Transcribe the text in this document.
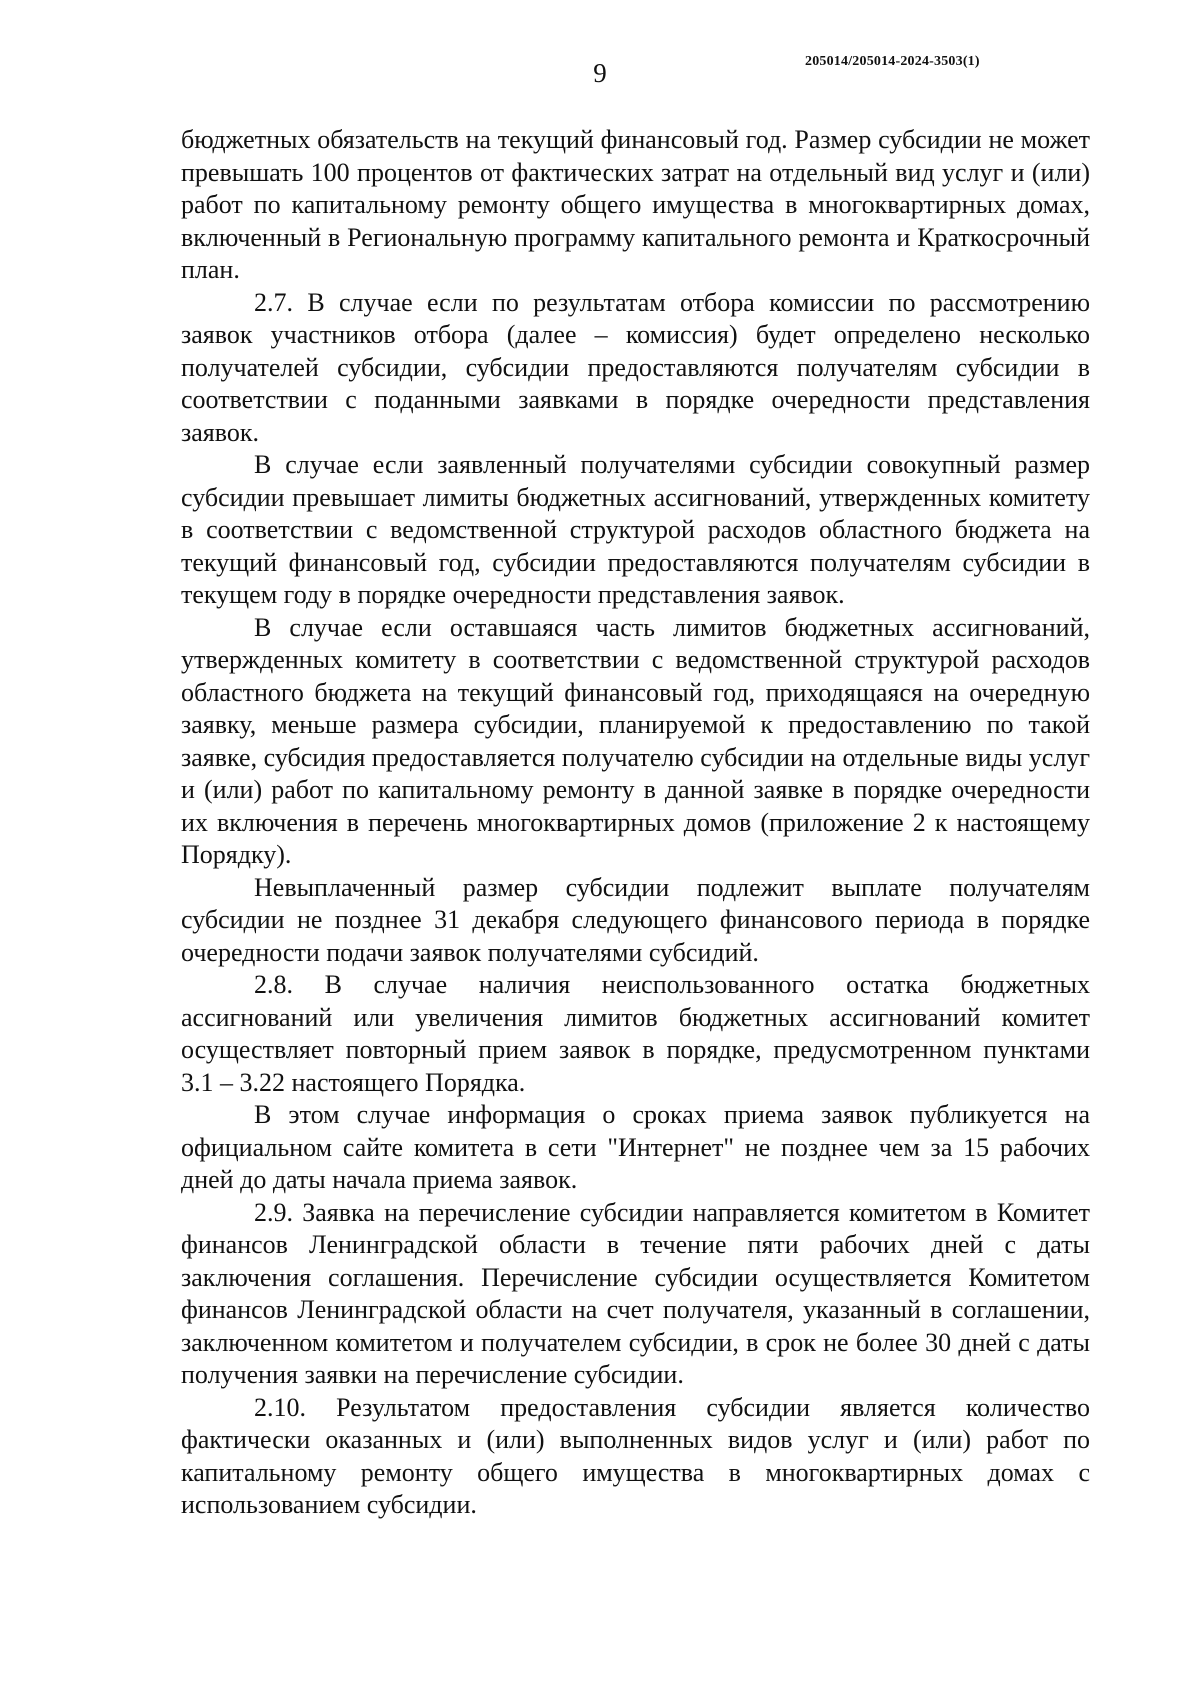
9	205014/205014-2024-3503(1)

бюджетных обязательств на текущий финансовый год. Размер субсидии не может превышать 100 процентов от фактических затрат на отдельный вид услуг и (или) работ по капитальному ремонту общего имущества в многоквартирных домах, включенный в Региональную программу капитального ремонта и Краткосрочный план.

2.7. В случае если по результатам отбора комиссии по рассмотрению заявок участников отбора (далее – комиссия) будет определено несколько получателей субсидии, субсидии предоставляются получателям субсидии в соответствии с поданными заявками в порядке очередности представления заявок.

В случае если заявленный получателями субсидии совокупный размер субсидии превышает лимиты бюджетных ассигнований, утвержденных комитету в соответствии с ведомственной структурой расходов областного бюджета на текущий финансовый год, субсидии предоставляются получателям субсидии в текущем году в порядке очередности представления заявок.

В случае если оставшаяся часть лимитов бюджетных ассигнований, утвержденных комитету в соответствии с ведомственной структурой расходов областного бюджета на текущий финансовый год, приходящаяся на очередную заявку, меньше размера субсидии, планируемой к предоставлению по такой заявке, субсидия предоставляется получателю субсидии на отдельные виды услуг и (или) работ по капитальному ремонту в данной заявке в порядке очередности их включения в перечень многоквартирных домов (приложение 2 к настоящему Порядку).

Невыплаченный размер субсидии подлежит выплате получателям субсидии не позднее 31 декабря следующего финансового периода в порядке очередности подачи заявок получателями субсидий.

2.8. В случае наличия неиспользованного остатка бюджетных ассигнований или увеличения лимитов бюджетных ассигнований комитет осуществляет повторный прием заявок в порядке, предусмотренном пунктами 3.1 – 3.22 настоящего Порядка.

В этом случае информация о сроках приема заявок публикуется на официальном сайте комитета в сети "Интернет" не позднее чем за 15 рабочих дней до даты начала приема заявок.

2.9. Заявка на перечисление субсидии направляется комитетом в Комитет финансов Ленинградской области в течение пяти рабочих дней с даты заключения соглашения. Перечисление субсидии осуществляется Комитетом финансов Ленинградской области на счет получателя, указанный в соглашении, заключенном комитетом и получателем субсидии, в срок не более 30 дней с даты получения заявки на перечисление субсидии.

2.10. Результатом предоставления субсидии является количество фактически оказанных и (или) выполненных видов услуг и (или) работ по капитальному ремонту общего имущества в многоквартирных домах с использованием субсидии.
